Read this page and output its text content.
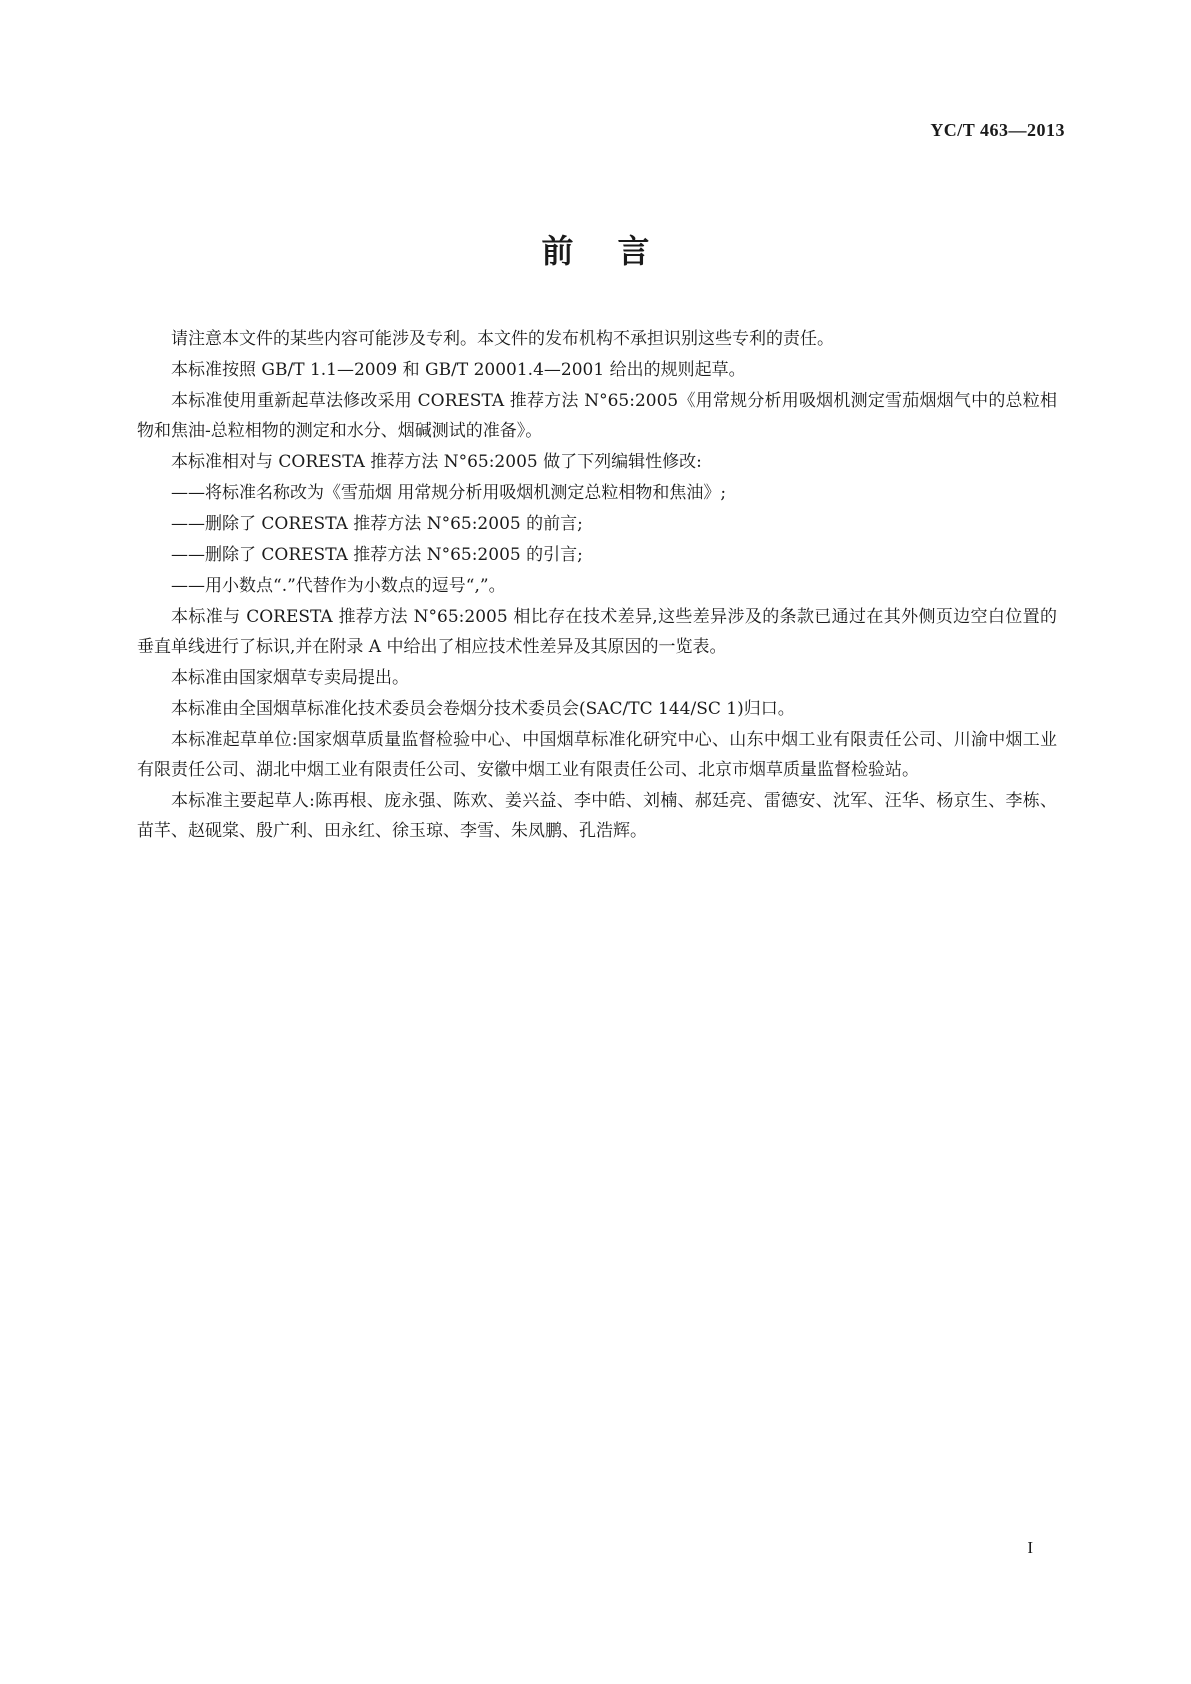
YC/T 463—2013
前言

请注意本文件的某些内容可能涉及专利。本文件的发布机构不承担识别这些专利的责任。

本标准按照 GB/T 1.1—2009 和 GB/T 20001.4—2001 给出的规则起草。

本标准使用重新起草法修改采用 CORESTA 推荐方法 N°65:2005《用常规分析用吸烟机测定雪茄烟烟气中的总粒相物和焦油-总粒相物的测定和水分、烟碱测试的准备》。

本标准相对与 CORESTA 推荐方法 N°65:2005 做了下列编辑性修改:

——将标准名称改为《雪茄烟 用常规分析用吸烟机测定总粒相物和焦油》;

——删除了 CORESTA 推荐方法 N°65:2005 的前言;

——删除了 CORESTA 推荐方法 N°65:2005 的引言;

——用小数点“.”代替作为小数点的逗号“,”。

本标准与 CORESTA 推荐方法 N°65:2005 相比存在技术差异,这些差异涉及的条款已通过在其外侧页边空白位置的垂直单线进行了标识,并在附录 A 中给出了相应技术性差异及其原因的一览表。

本标准由国家烟草专卖局提出。

本标准由全国烟草标准化技术委员会卷烟分技术委员会(SAC/TC 144/SC 1)归口。

本标准起草单位:国家烟草质量监督检验中心、中国烟草标准化研究中心、山东中烟工业有限责任公司、川渝中烟工业有限责任公司、湖北中烟工业有限责任公司、安徽中烟工业有限责任公司、北京市烟草质量监督检验站。

本标准主要起草人:陈再根、庞永强、陈欢、姜兴益、李中皓、刘楠、郝廷亮、雷德安、沈军、汪华、杨京生、李栋、苗芊、赵砚棠、殷广利、田永红、徐玉琼、李雪、朱凤鹏、孔浩辉。

I
